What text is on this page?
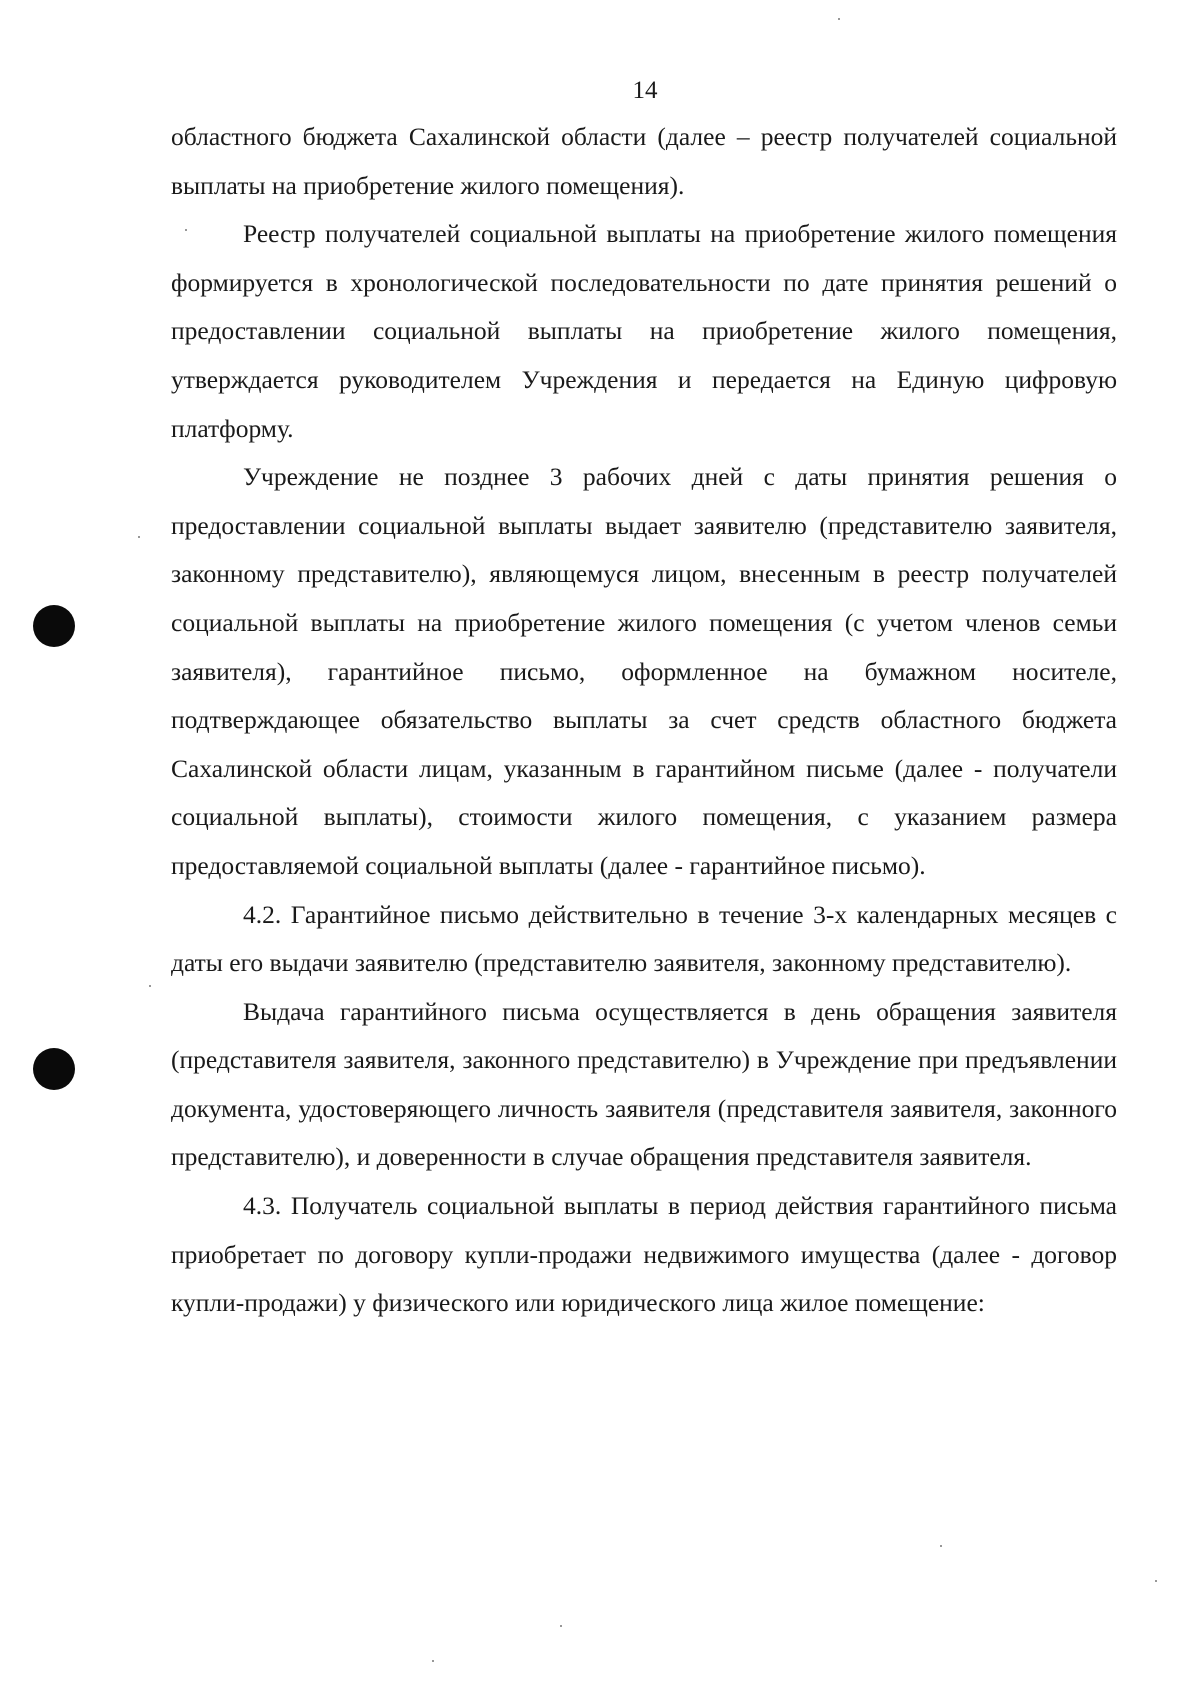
14

областного бюджета Сахалинской области (далее – реестр получателей социальной выплаты на приобретение жилого помещения).

Реестр получателей социальной выплаты на приобретение жилого помещения формируется в хронологической последовательности по дате принятия решений о предоставлении социальной выплаты на приобретение жилого помещения, утверждается руководителем Учреждения и передается на Единую цифровую платформу.

Учреждение не позднее 3 рабочих дней с даты принятия решения о предоставлении социальной выплаты выдает заявителю (представителю заявителя, законному представителю), являющемуся лицом, внесенным в реестр получателей социальной выплаты на приобретение жилого помещения (с учетом членов семьи заявителя), гарантийное письмо, оформленное на бумажном носителе, подтверждающее обязательство выплаты за счет средств областного бюджета Сахалинской области лицам, указанным в гарантийном письме (далее - получатели социальной выплаты), стоимости жилого помещения, с указанием размера предоставляемой социальной выплаты (далее - гарантийное письмо).

4.2. Гарантийное письмо действительно в течение 3-х календарных месяцев с даты его выдачи заявителю (представителю заявителя, законному представителю).

Выдача гарантийного письма осуществляется в день обращения заявителя (представителя заявителя, законного представителю) в Учреждение при предъявлении документа, удостоверяющего личность заявителя (представителя заявителя, законного представителю), и доверенности в случае обращения представителя заявителя.

4.3. Получатель социальной выплаты в период действия гарантийного письма приобретает по договору купли-продажи недвижимого имущества (далее - договор купли-продажи) у физического или юридического лица жилое помещение:
